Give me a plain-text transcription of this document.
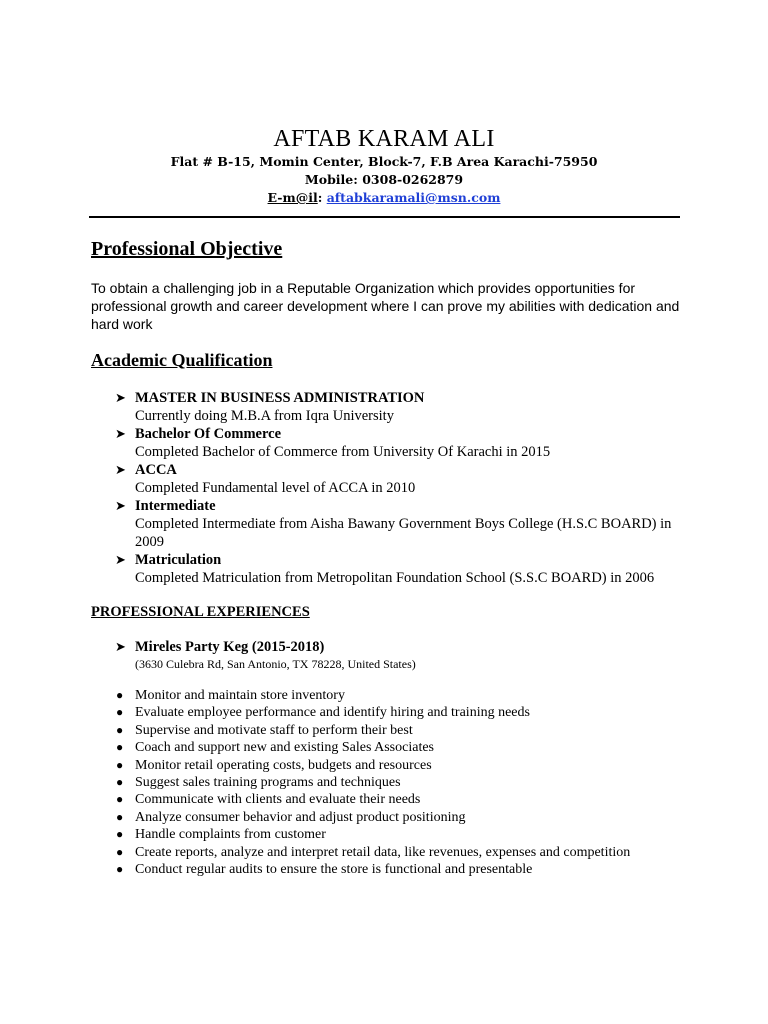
AFTAB KARAM ALI
Flat # B-15, Momin Center, Block-7, F.B Area Karachi-75950
Mobile: 0308-0262879
E-m@il: aftabkaramali@msn.com
Professional Objective
To obtain a challenging job in a Reputable Organization which provides opportunities for professional growth and career development where I can prove my abilities with dedication and hard work
Academic Qualification
➤ MASTER IN BUSINESS ADMINISTRATION
Currently doing M.B.A from Iqra University
➤ Bachelor Of Commerce
Completed Bachelor of Commerce from University Of Karachi in 2015
➤ ACCA
Completed Fundamental level of ACCA in 2010
➤ Intermediate
Completed Intermediate from Aisha Bawany Government Boys College (H.S.C BOARD) in 2009
➤ Matriculation
Completed Matriculation from Metropolitan Foundation School (S.S.C BOARD) in 2006
PROFESSIONAL EXPERIENCES
➤ Mireles Party Keg (2015-2018)
(3630 Culebra Rd, San Antonio, TX 78228, United States)
● Monitor and maintain store inventory
● Evaluate employee performance and identify hiring and training needs
● Supervise and motivate staff to perform their best
● Coach and support new and existing Sales Associates
● Monitor retail operating costs, budgets and resources
● Suggest sales training programs and techniques
● Communicate with clients and evaluate their needs
● Analyze consumer behavior and adjust product positioning
● Handle complaints from customer
● Create reports, analyze and interpret retail data, like revenues, expenses and competition
● Conduct regular audits to ensure the store is functional and presentable
